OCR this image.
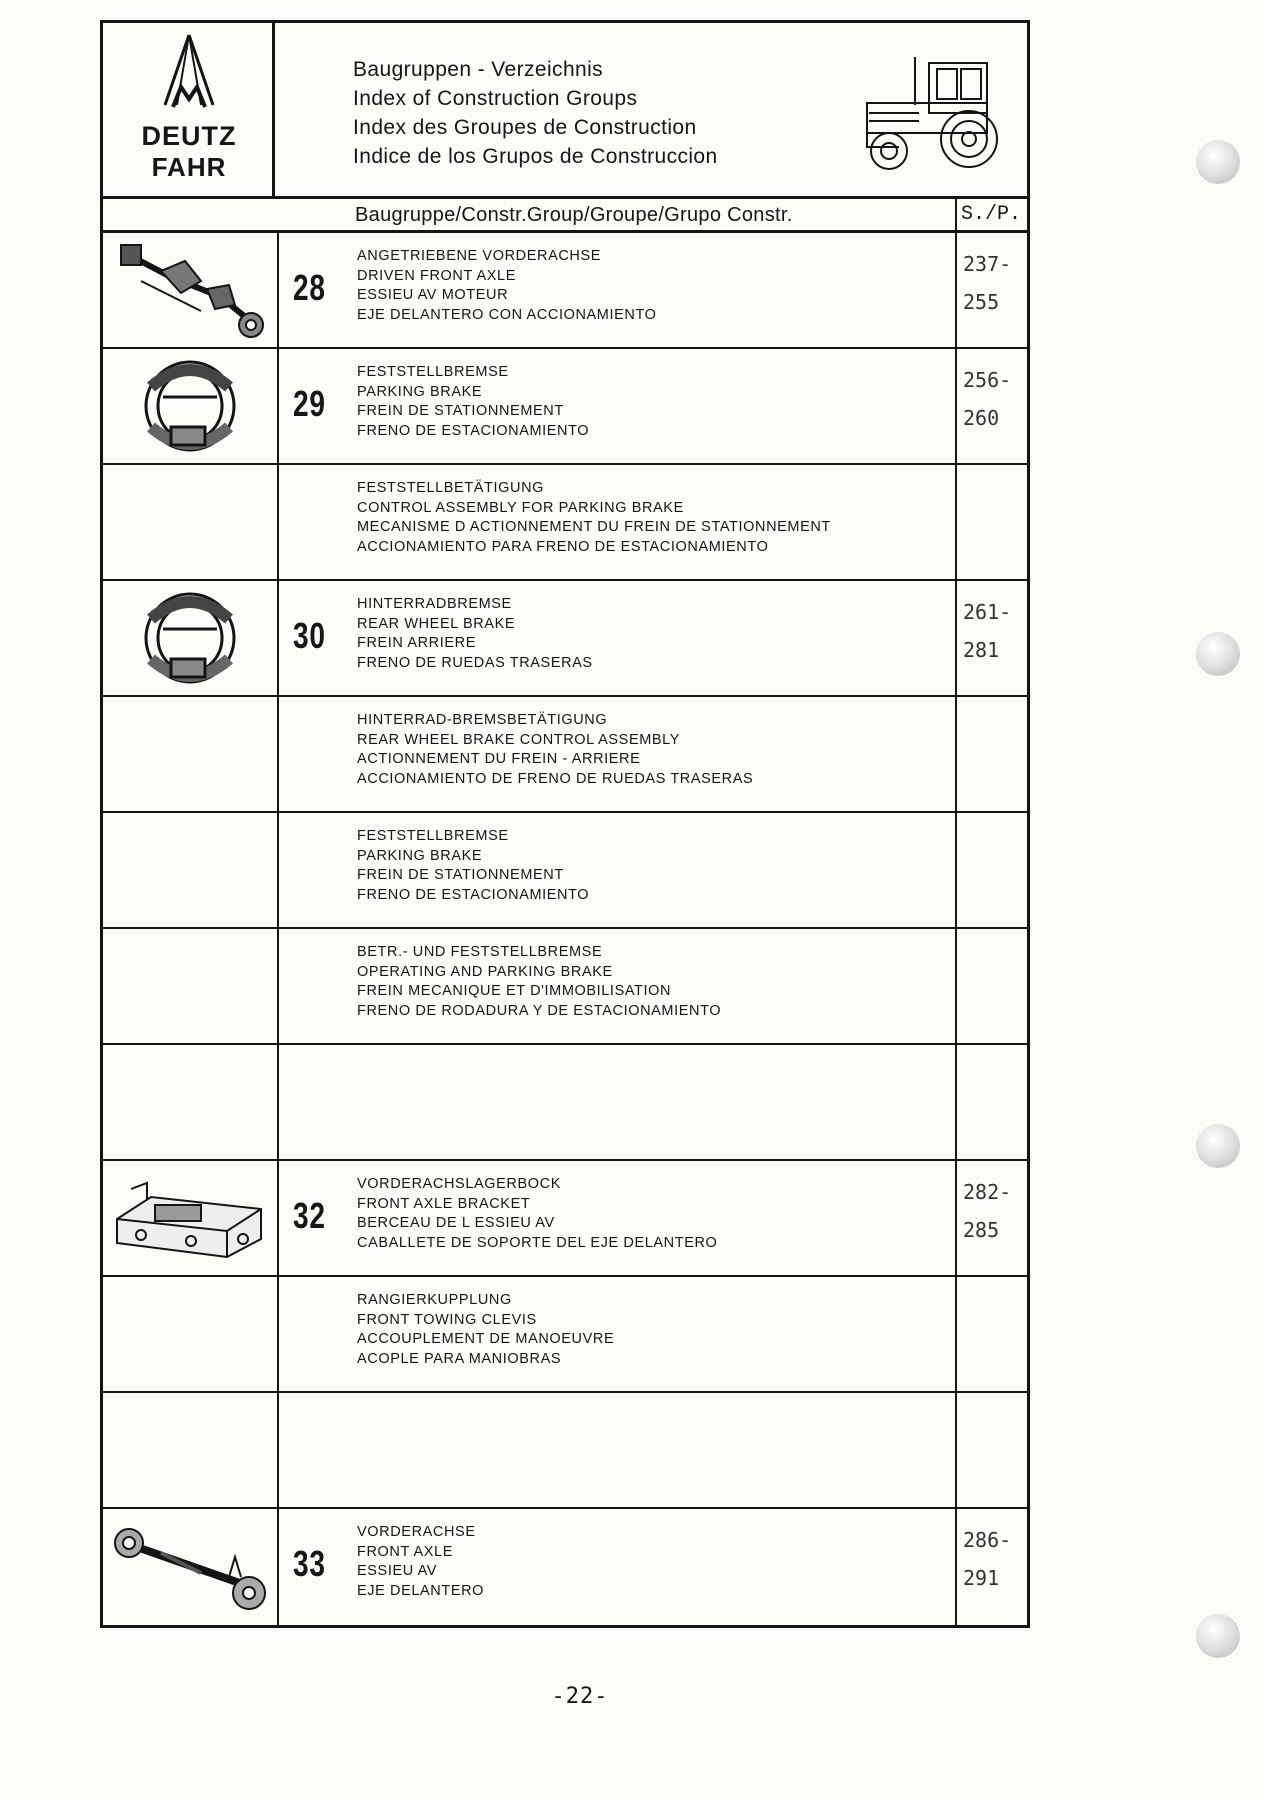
DEUTZ
FAHR
Baugruppen - Verzeichnis
Index of Construction Groups
Index des Groupes de Construction
Indice de los Grupos de Construccion
Baugruppe/Constr.Group/Groupe/Grupo Constr.	S./P.
28
ANGETRIEBENE VORDERACHSE
DRIVEN FRONT AXLE
ESSIEU AV MOTEUR
EJE DELANTERO CON ACCIONAMIENTO
237-
255
29
FESTSTELLBREMSE
PARKING BRAKE
FREIN DE STATIONNEMENT
FRENO DE ESTACIONAMIENTO
256-
260
FESTSTELLBETÄTIGUNG
CONTROL ASSEMBLY FOR PARKING BRAKE
MECANISME D ACTIONNEMENT DU FREIN DE STATIONNEMENT
ACCIONAMIENTO PARA FRENO DE ESTACIONAMIENTO
30
HINTERRADBREMSE
REAR WHEEL BRAKE
FREIN ARRIERE
FRENO DE RUEDAS TRASERAS
261-
281
HINTERRAD-BREMSBETÄTIGUNG
REAR WHEEL BRAKE CONTROL ASSEMBLY
ACTIONNEMENT DU FREIN - ARRIERE
ACCIONAMIENTO DE FRENO DE RUEDAS TRASERAS
FESTSTELLBREMSE
PARKING BRAKE
FREIN DE STATIONNEMENT
FRENO DE ESTACIONAMIENTO
BETR.- UND FESTSTELLBREMSE
OPERATING AND PARKING BRAKE
FREIN MECANIQUE ET D'IMMOBILISATION
FRENO DE RODADURA Y DE ESTACIONAMIENTO
32
VORDERACHSLAGERBOCK
FRONT AXLE BRACKET
BERCEAU DE L ESSIEU AV
CABALLETE DE SOPORTE DEL EJE DELANTERO
282-
285
RANGIERKUPPLUNG
FRONT TOWING CLEVIS
ACCOUPLEMENT DE MANOEUVRE
ACOPLE PARA MANIOBRAS
33
VORDERACHSE
FRONT AXLE
ESSIEU AV
EJE DELANTERO
286-
291
-22-
